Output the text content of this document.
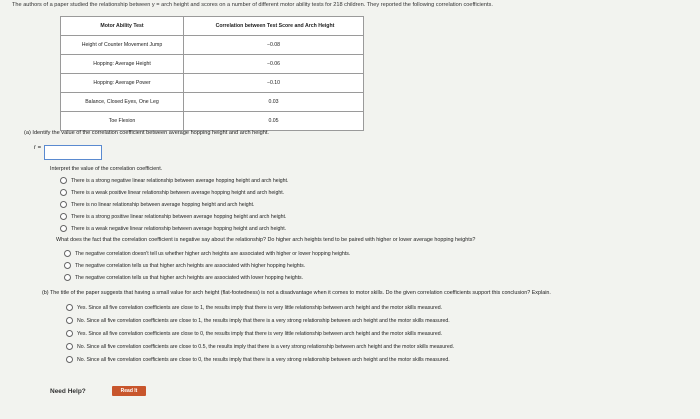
The authors of a paper studied the relationship between y = arch height and scores on a number of different motor ability tests for 218 children. They reported the following correlation coefficients.
Motor Ability Test	Correlation between Test Score and Arch Height
Height of Counter Movement Jump	−0.08
Hopping: Average Height	−0.06
Hopping: Average Power	−0.10
Balance, Closed Eyes, One Leg	0.03
Toe Flexion	0.05
(a) Identify the value of the correlation coefficient between average hopping height and arch height.
r =
Interpret the value of the correlation coefficient.
There is a strong negative linear relationship between average hopping height and arch height.
There is a weak positive linear relationship between average hopping height and arch height.
There is no linear relationship between average hopping height and arch height.
There is a strong positive linear relationship between average hopping height and arch height.
There is a weak negative linear relationship between average hopping height and arch height.
What does the fact that the correlation coefficient is negative say about the relationship? Do higher arch heights tend to be paired with higher or lower average hopping heights?
The negative correlation doesn't tell us whether higher arch heights are associated with higher or lower hopping heights.
The negative correlation tells us that higher arch heights are associated with higher hopping heights.
The negative correlation tells us that higher arch heights are associated with lower hopping heights.
(b) The title of the paper suggests that having a small value for arch height (flat-footedness) is not a disadvantage when it comes to motor skills. Do the given correlation coefficients support this conclusion? Explain.
Yes. Since all five correlation coefficients are close to 1, the results imply that there is very little relationship between arch height and the motor skills measured.
No. Since all five correlation coefficients are close to 1, the results imply that there is a very strong relationship between arch height and the motor skills measured.
Yes. Since all five correlation coefficients are close to 0, the results imply that there is very little relationship between arch height and the motor skills measured.
No. Since all five correlation coefficients are close to 0.5, the results imply that there is a very strong relationship between arch height and the motor skills measured.
No. Since all five correlation coefficients are close to 0, the results imply that there is a very strong relationship between arch height and the motor skills measured.
Need Help?	Read It
